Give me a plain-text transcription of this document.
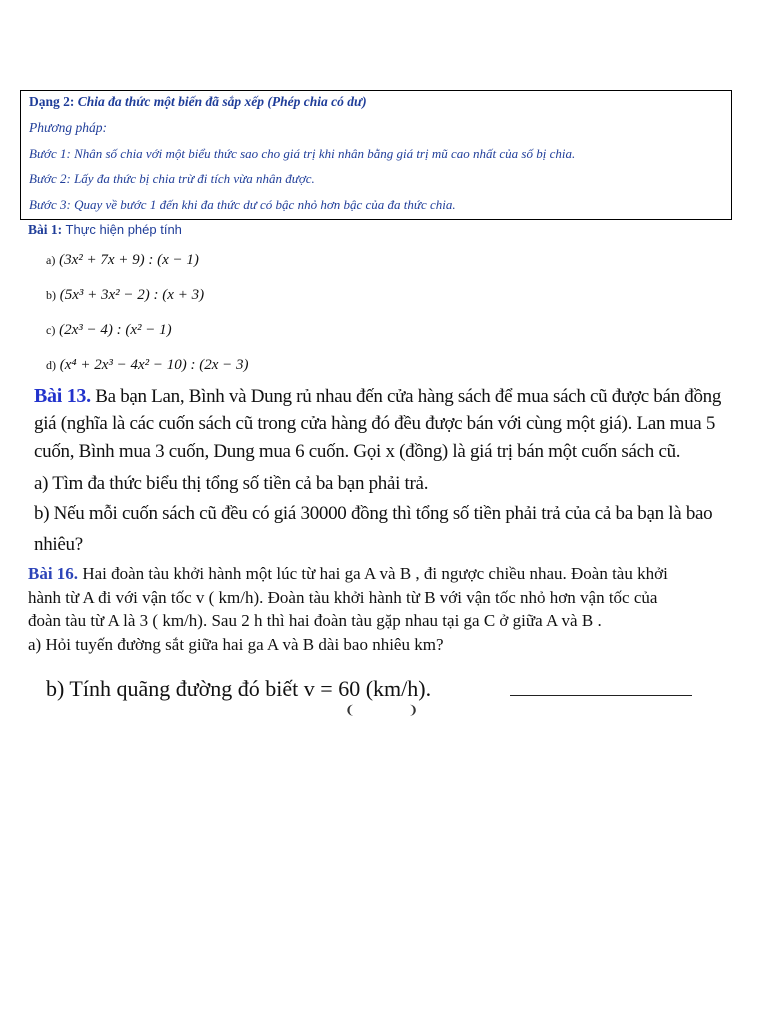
Dạng 2: Chia đa thức một biến đã sắp xếp (Phép chia có dư)
Phương pháp:
Bước 1: Nhân số chia với một biểu thức sao cho giá trị khi nhân bằng giá trị mũ cao nhất của số bị chia.
Bước 2: Lấy đa thức bị chia trừ đi tích vừa nhân được.
Bước 3: Quay về bước 1 đến khi đa thức dư có bậc nhỏ hơn bậc của đa thức chia.
Bài 1: Thực hiện phép tính
a) (3x² + 7x + 9) : (x − 1)
b) (5x³ + 3x² − 2) : (x + 3)
c) (2x³ − 4) : (x² − 1)
d) (x⁴ + 2x³ − 4x² − 10) : (2x − 3)
Bài 13. Ba bạn Lan, Bình và Dung rủ nhau đến cửa hàng sách để mua sách cũ được bán đồng
giá (nghĩa là các cuốn sách cũ trong cửa hàng đó đều được bán với cùng một giá). Lan mua 5
cuốn, Bình mua 3 cuốn, Dung mua 6 cuốn. Gọi x (đồng) là giá trị bán một cuốn sách cũ.
a) Tìm đa thức biểu thị tổng số tiền cả ba bạn phải trả.
b) Nếu mỗi cuốn sách cũ đều có giá 30000 đồng thì tổng số tiền phải trả của cả ba bạn là bao
nhiêu?
Bài 16. Hai đoàn tàu khởi hành một lúc từ hai ga A và B , đi ngược chiều nhau. Đoàn tàu khởi
hành từ A đi với vận tốc v ( km/h). Đoàn tàu khởi hành từ B với vận tốc nhỏ hơn vận tốc của
đoàn tàu từ A là 3 ( km/h). Sau 2 h thì hai đoàn tàu gặp nhau tại ga C ở giữa A và B .
a) Hỏi tuyến đường sắt giữa hai ga A và B dài bao nhiêu km?
b) Tính quãng đường đó biết v = 60 (km/h).
❨	❩
